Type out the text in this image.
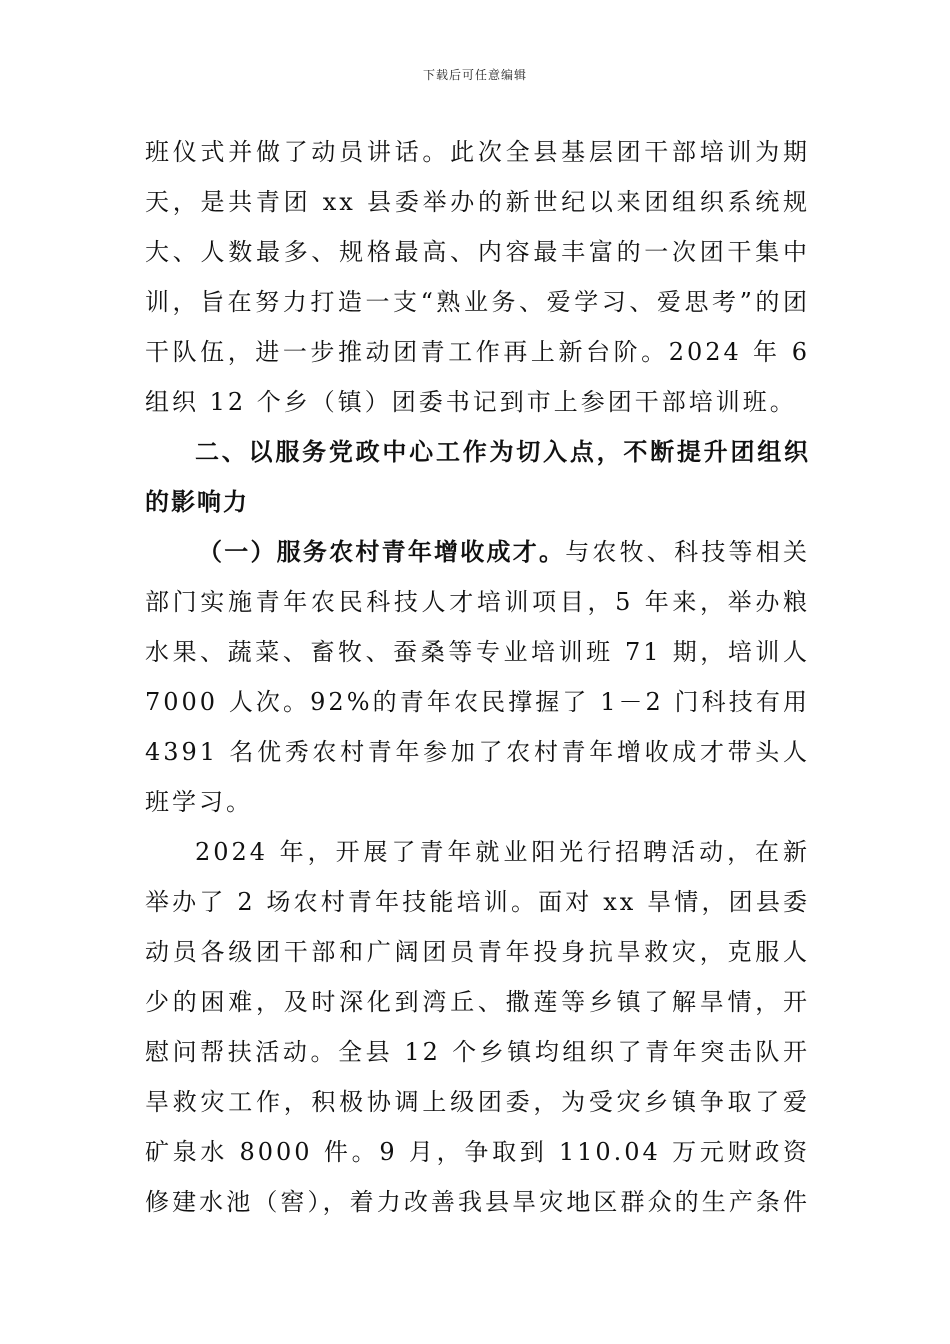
下载后可任意编辑
班仪式并做了动员讲话。此次全县基层团干部培训为期
天，是共青团 xx 县委举办的新世纪以来团组织系统规
大、人数最多、规格最高、内容最丰富的一次团干集中
训，旨在努力打造一支“熟业务、爱学习、爱思考”的团
干队伍，进一步推动团青工作再上新台阶。2024 年 6
组织 12 个乡（镇）团委书记到市上参团干部培训班。
二、以服务党政中心工作为切入点，不断提升团组织
的影响力
（一）服务农村青年增收成才。与农牧、科技等相关
部门实施青年农民科技人才培训项目，5 年来，举办粮
水果、蔬菜、畜牧、蚕桑等专业培训班 71 期，培训人
7000 人次。92%的青年农民撑握了 1－2 门科技有用
4391 名优秀农村青年参加了农村青年增收成才带头人
班学习。
2024 年，开展了青年就业阳光行招聘活动，在新
举办了 2 场农村青年技能培训。面对 xx 旱情，团县委
动员各级团干部和广阔团员青年投身抗旱救灾，克服人
少的困难，及时深化到湾丘、撒莲等乡镇了解旱情，开
慰问帮扶活动。全县 12 个乡镇均组织了青年突击队开
旱救灾工作，积极协调上级团委，为受灾乡镇争取了爱
矿泉水 8000 件。9 月，争取到 110.04 万元财政资
修建水池（窖），着力改善我县旱灾地区群众的生产条件
